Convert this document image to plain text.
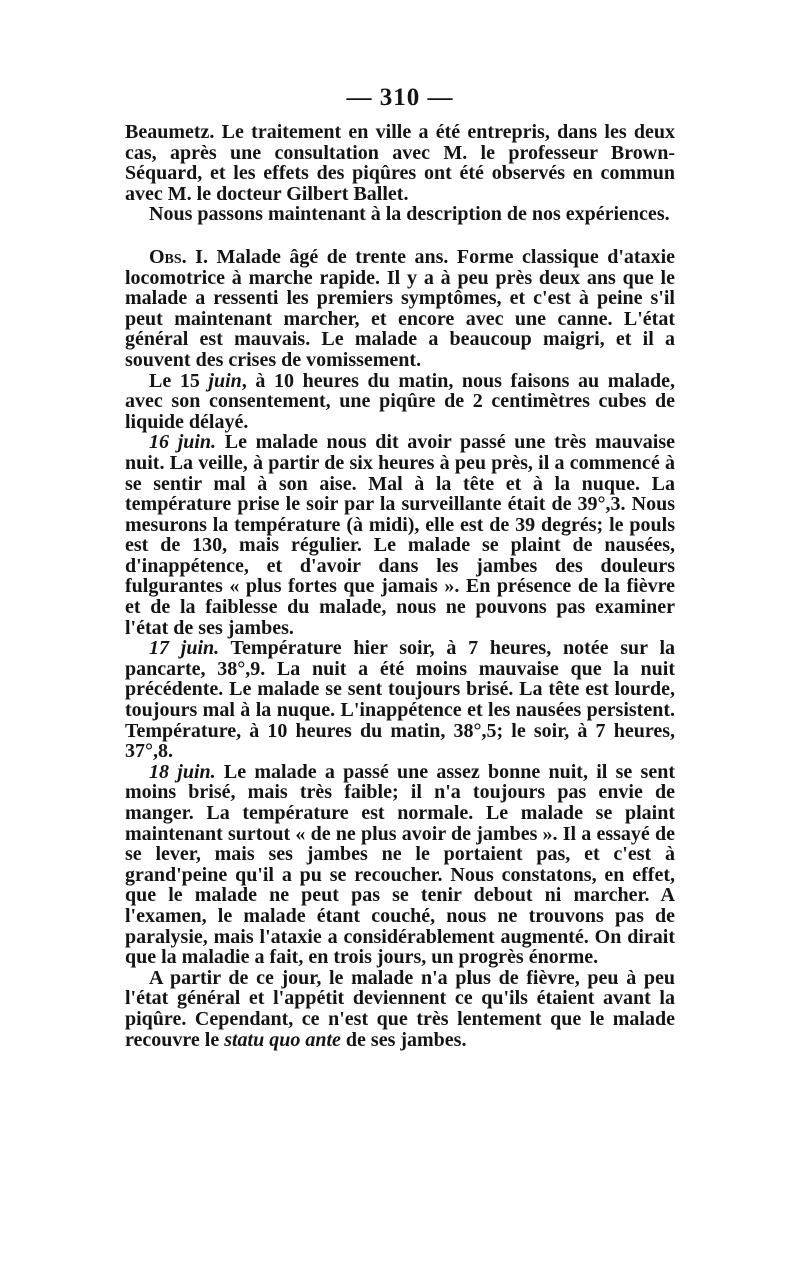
— 310 —

Beaumetz. Le traitement en ville a été entrepris, dans les deux cas, après une consultation avec M. le professeur Brown-Séquard, et les effets des piqûres ont été observés en commun avec M. le docteur Gilbert Ballet.

Nous passons maintenant à la description de nos expériences.

Obs. I. Malade âgé de trente ans. Forme classique d'ataxie locomotrice à marche rapide. Il y a à peu près deux ans que le malade a ressenti les premiers symptômes, et c'est à peine s'il peut maintenant marcher, et encore avec une canne. L'état général est mauvais. Le malade a beaucoup maigri, et il a souvent des crises de vomissement.

Le 15 juin, à 10 heures du matin, nous faisons au malade, avec son consentement, une piqûre de 2 centimètres cubes de liquide délayé.

16 juin. Le malade nous dit avoir passé une très mauvaise nuit. La veille, à partir de six heures à peu près, il a commencé à se sentir mal à son aise. Mal à la tête et à la nuque. La température prise le soir par la surveillante était de 39°,3. Nous mesurons la température (à midi), elle est de 39 degrés; le pouls est de 130, mais régulier. Le malade se plaint de nausées, d'inappétence, et d'avoir dans les jambes des douleurs fulgurantes « plus fortes que jamais ». En présence de la fièvre et de la faiblesse du malade, nous ne pouvons pas examiner l'état de ses jambes.

17 juin. Température hier soir, à 7 heures, notée sur la pancarte, 38°,9. La nuit a été moins mauvaise que la nuit précédente. Le malade se sent toujours brisé. La tête est lourde, toujours mal à la nuque. L'inappétence et les nausées persistent. Température, à 10 heures du matin, 38°,5; le soir, à 7 heures, 37°,8.

18 juin. Le malade a passé une assez bonne nuit, il se sent moins brisé, mais très faible; il n'a toujours pas envie de manger. La température est normale. Le malade se plaint maintenant surtout « de ne plus avoir de jambes ». Il a essayé de se lever, mais ses jambes ne le portaient pas, et c'est à grand'peine qu'il a pu se recoucher. Nous constatons, en effet, que le malade ne peut pas se tenir debout ni marcher. A l'examen, le malade étant couché, nous ne trouvons pas de paralysie, mais l'ataxie a considérablement augmenté. On dirait que la maladie a fait, en trois jours, un progrès énorme.

A partir de ce jour, le malade n'a plus de fièvre, peu à peu l'état général et l'appétit deviennent ce qu'ils étaient avant la piqûre. Cependant, ce n'est que très lentement que le malade recouvre le statu quo ante de ses jambes.
